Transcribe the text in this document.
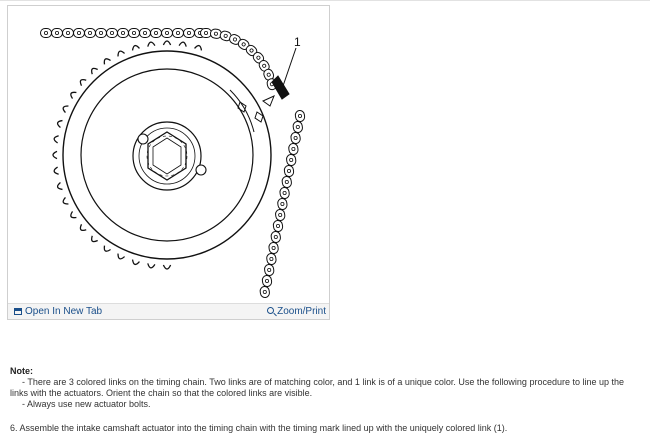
1
Open In New Tab	Zoom/Print
Note:
- There are 3 colored links on the timing chain. Two links are of matching color, and 1 link is of a unique color. Use the following procedure to line up the
links with the actuators. Orient the chain so that the colored links are visible.
- Always use new actuator bolts.
6. Assemble the intake camshaft actuator into the timing chain with the timing mark lined up with the uniquely colored link (1).
